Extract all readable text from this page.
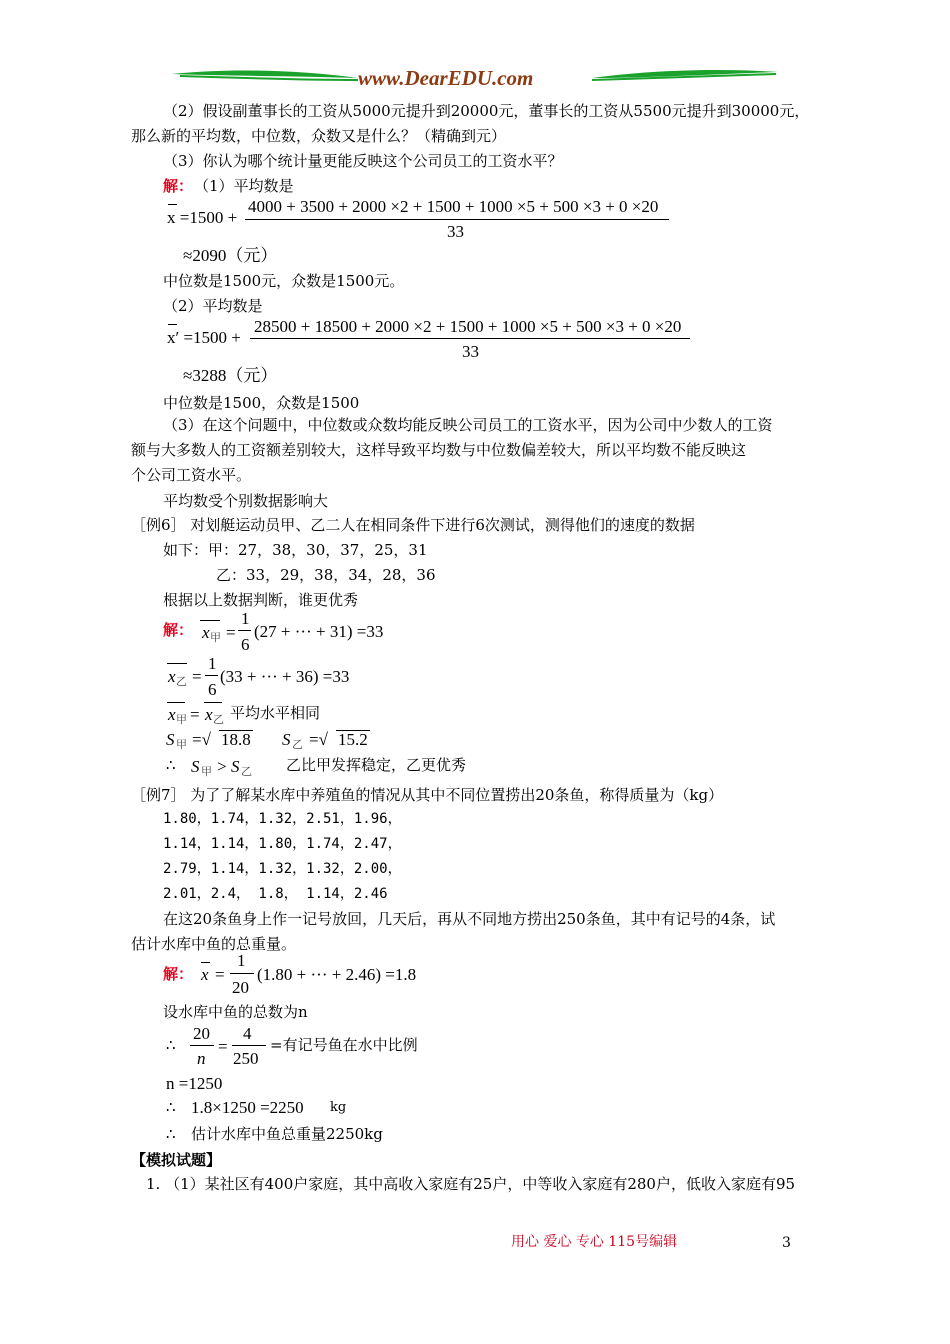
www.DearEDU.com
（2）假设副董事长的工资从5000元提升到20000元，董事长的工资从5500元提升到30000元，
那么新的平均数，中位数，众数又是什么？（精确到元）
（3）你认为哪个统计量更能反映这个公司员工的工资水平？
解： （1）平均数是
x =1500 +
4000 + 3500 + 2000 ×2 + 1500 + 1000 ×5 + 500 ×3 + 0 ×20
33
≈2090（元）
中位数是1500元，众数是1500元。
（2）平均数是
x′ =1500 +
28500 + 18500 + 2000 ×2 + 1500 + 1000 ×5 + 500 ×3 + 0 ×20
33
≈3288（元）
中位数是1500，众数是1500
（3）在这个问题中，中位数或众数均能反映公司员工的工资水平，因为公司中少数人的工资
额与大多数人的工资额差别较大，这样导致平均数与中位数偏差较大，所以平均数不能反映这
个公司工资水平。
平均数受个别数据影响大
［例6］ 对划艇运动员甲、乙二人在相同条件下进行6次测试，测得他们的速度的数据
如下：甲：27，38，30，37，25，31
乙：33，29，38，34，28，36
根据以上数据判断，谁更优秀
解： x 甲 =
1
6
(27 + ··· + 31) =33
x 乙 =
1
6
(33 + ··· + 36) =33
x 甲 = x 乙 平均水平相同
S 甲 =√ 18.8 S 乙 =√ 15.2
∴ S 甲 > S 乙 乙比甲发挥稳定，乙更优秀
［例7］ 为了了解某水库中养殖鱼的情况从其中不同位置捞出20条鱼，称得质量为（kg）
1.80，1.74，1.32，2.51，1.96，
1.14，1.14，1.80，1.74，2.47，
2.79，1.14，1.32，1.32，2.00，
2.01，2.4， 1.8， 1.14，2.46
在这20条鱼身上作一记号放回，几天后，再从不同地方捞出250条鱼，其中有记号的4条，试
估计水库中鱼的总重量。
解： x =
1
20
(1.80 + ··· + 2.46) =1.8
设水库中鱼的总数为n
∴
20
n
=
4
250
=有记号鱼在水中比例
n =1250
∴ 1.8×1250 =2250 kg
∴ 估计水库中鱼总重量2250kg
【模拟试题】
1. （1）某社区有400户家庭，其中高收入家庭有25户，中等收入家庭有280户，低收入家庭有95
用心 爱心 专心 115号编辑	3
